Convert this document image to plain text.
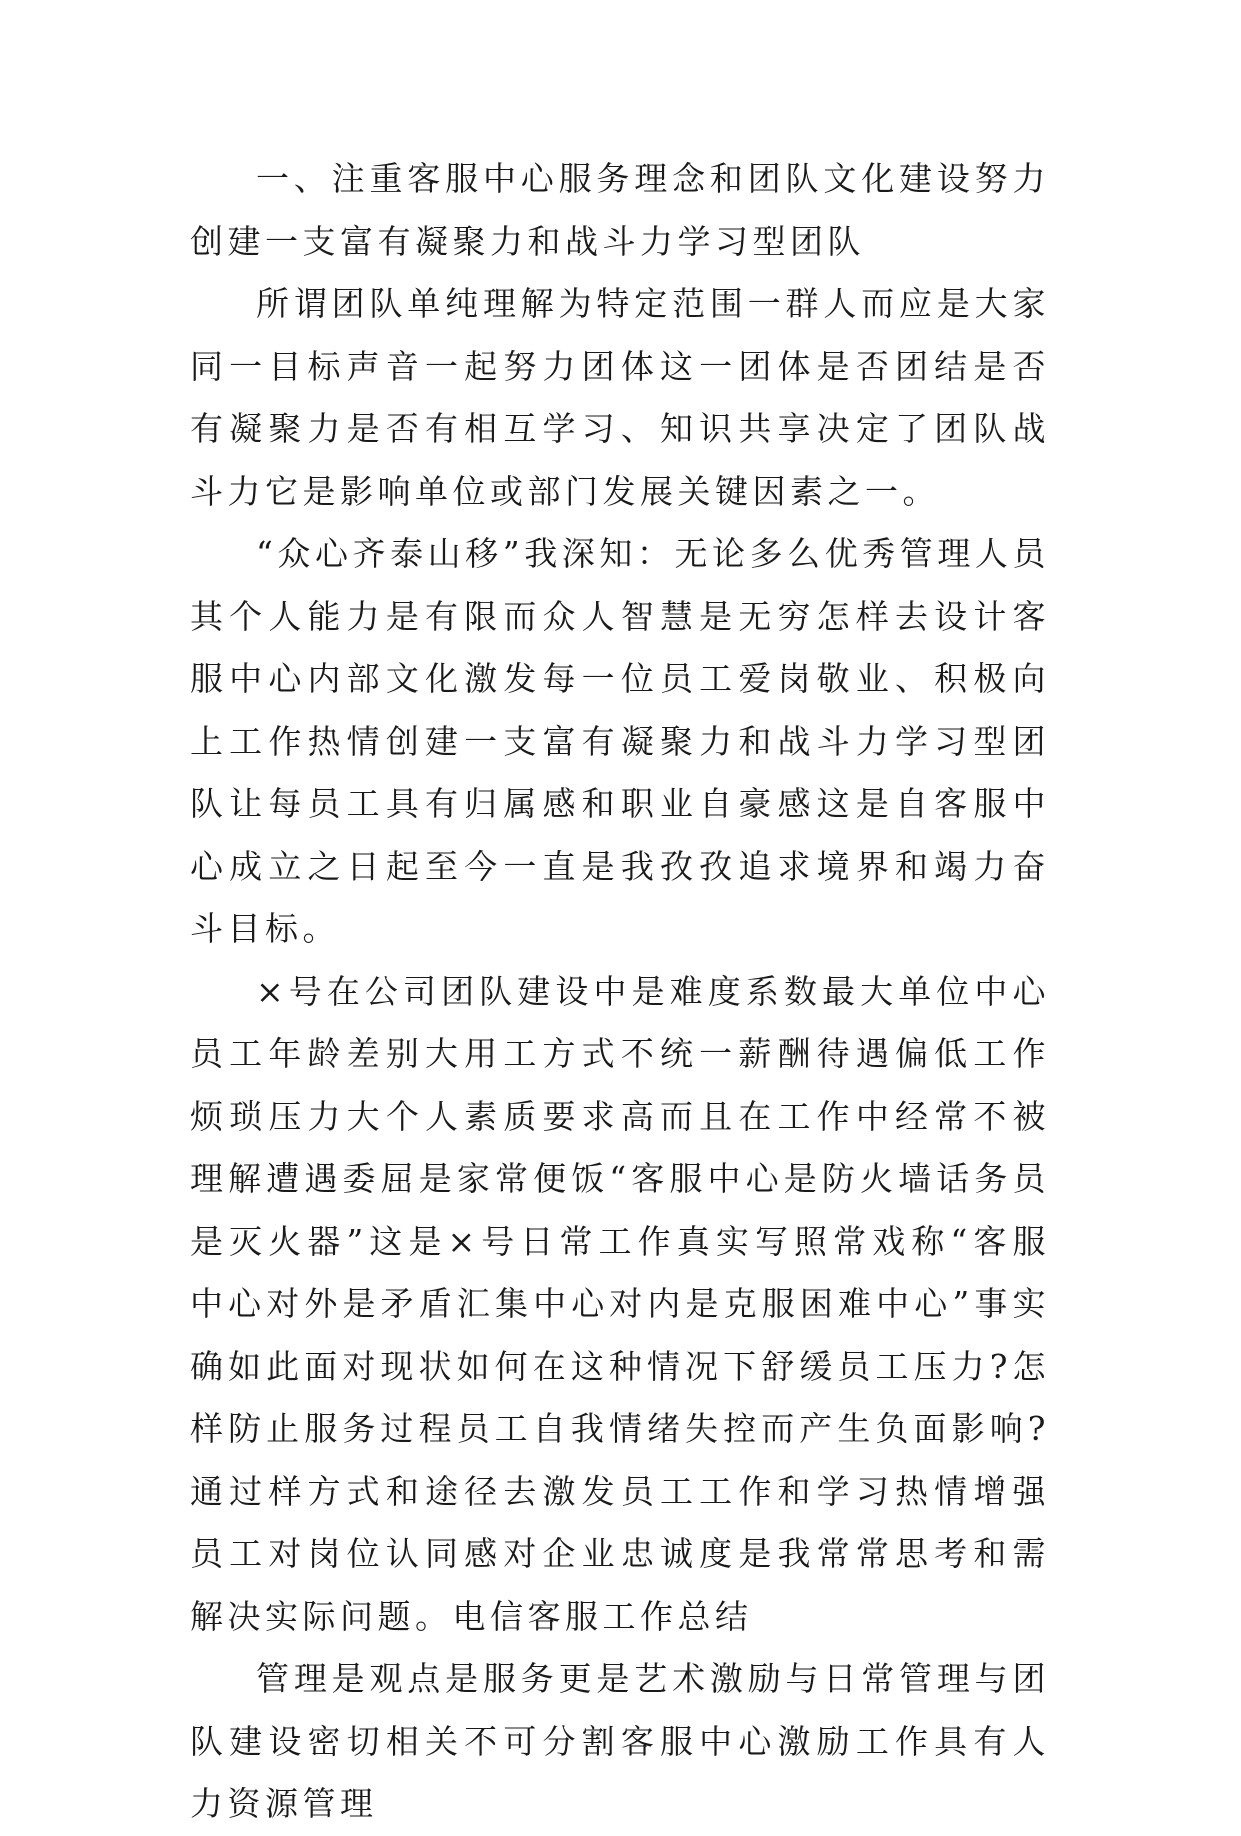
一、注重客服中心服务理念和团队文化建设努力创建一支富有凝聚力和战斗力学习型团队

所谓团队单纯理解为特定范围一群人而应是大家同一目标声音一起努力团体这一团体是否团结是否有凝聚力是否有相互学习、知识共享决定了团队战斗力它是影响单位或部门发展关键因素之一。

“众心齐泰山移”我深知：无论多么优秀管理人员其个人能力是有限而众人智慧是无穷怎样去设计客服中心内部文化激发每一位员工爱岗敬业、积极向上工作热情创建一支富有凝聚力和战斗力学习型团队让每员工具有归属感和职业自豪感这是自客服中心成立之日起至今一直是我孜孜追求境界和竭力奋斗目标。

×号在公司团队建设中是难度系数最大单位中心员工年龄差别大用工方式不统一薪酬待遇偏低工作烦琐压力大个人素质要求高而且在工作中经常不被理解遭遇委屈是家常便饭“客服中心是防火墙话务员是灭火器”这是×号日常工作真实写照常戏称“客服中心对外是矛盾汇集中心对内是克服困难中心”事实确如此面对现状如何在这种情况下舒缓员工压力?怎样防止服务过程员工自我情绪失控而产生负面影响?通过样方式和途径去激发员工工作和学习热情增强员工对岗位认同感对企业忠诚度是我常常思考和需解决实际问题。电信客服工作总结

管理是观点是服务更是艺术激励与日常管理与团队建设密切相关不可分割客服中心激励工作具有人力资源管理
